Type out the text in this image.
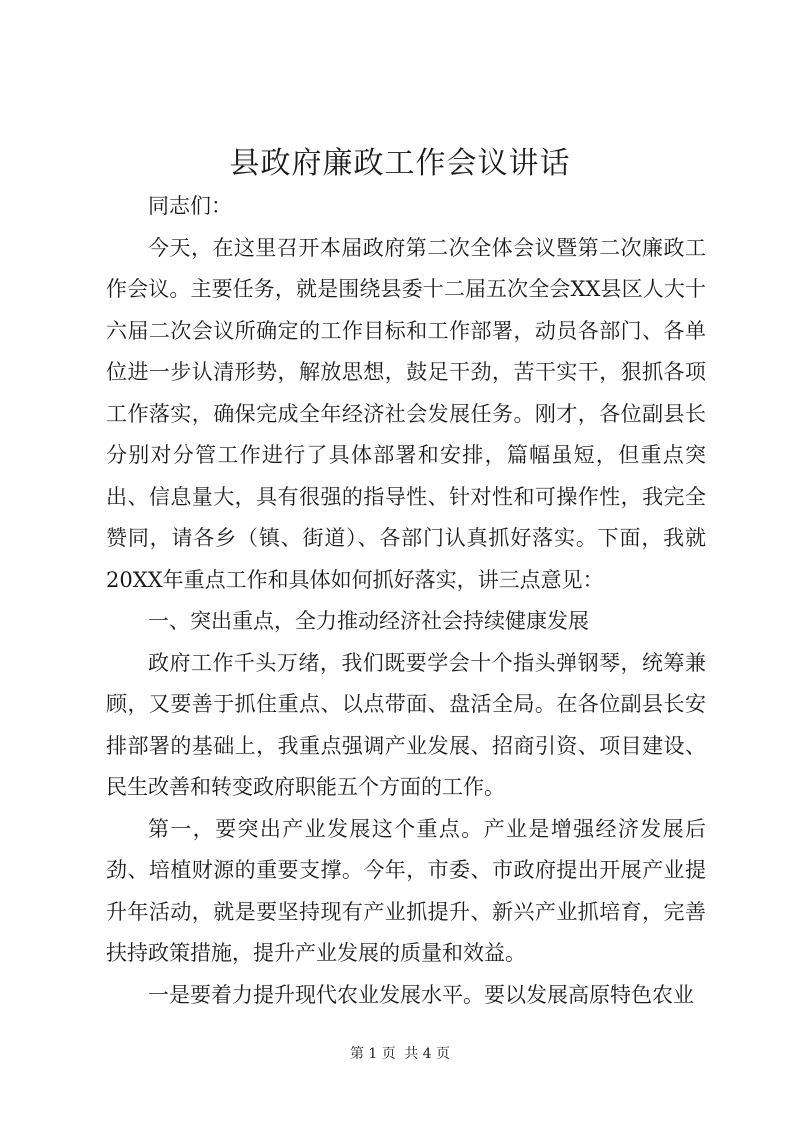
县政府廉政工作会议讲话

同志们：

今天，在这里召开本届政府第二次全体会议暨第二次廉政工作会议。主要任务，就是围绕县委十二届五次全会XX县区人大十六届二次会议所确定的工作目标和工作部署，动员各部门、各单位进一步认清形势，解放思想，鼓足干劲，苦干实干，狠抓各项工作落实，确保完成全年经济社会发展任务。刚才，各位副县长分别对分管工作进行了具体部署和安排，篇幅虽短，但重点突出、信息量大，具有很强的指导性、针对性和可操作性，我完全赞同，请各乡（镇、街道）、各部门认真抓好落实。下面，我就20XX年重点工作和具体如何抓好落实，讲三点意见：

一、突出重点，全力推动经济社会持续健康发展

政府工作千头万绪，我们既要学会十个指头弹钢琴，统筹兼顾，又要善于抓住重点、以点带面、盘活全局。在各位副县长安排部署的基础上，我重点强调产业发展、招商引资、项目建设、民生改善和转变政府职能五个方面的工作。

第一，要突出产业发展这个重点。产业是增强经济发展后劲、培植财源的重要支撑。今年，市委、市政府提出开展产业提升年活动，就是要坚持现有产业抓提升、新兴产业抓培育，完善扶持政策措施，提升产业发展的质量和效益。

一是要着力提升现代农业发展水平。要以发展高原特色农业

第 1 页 共 4 页
